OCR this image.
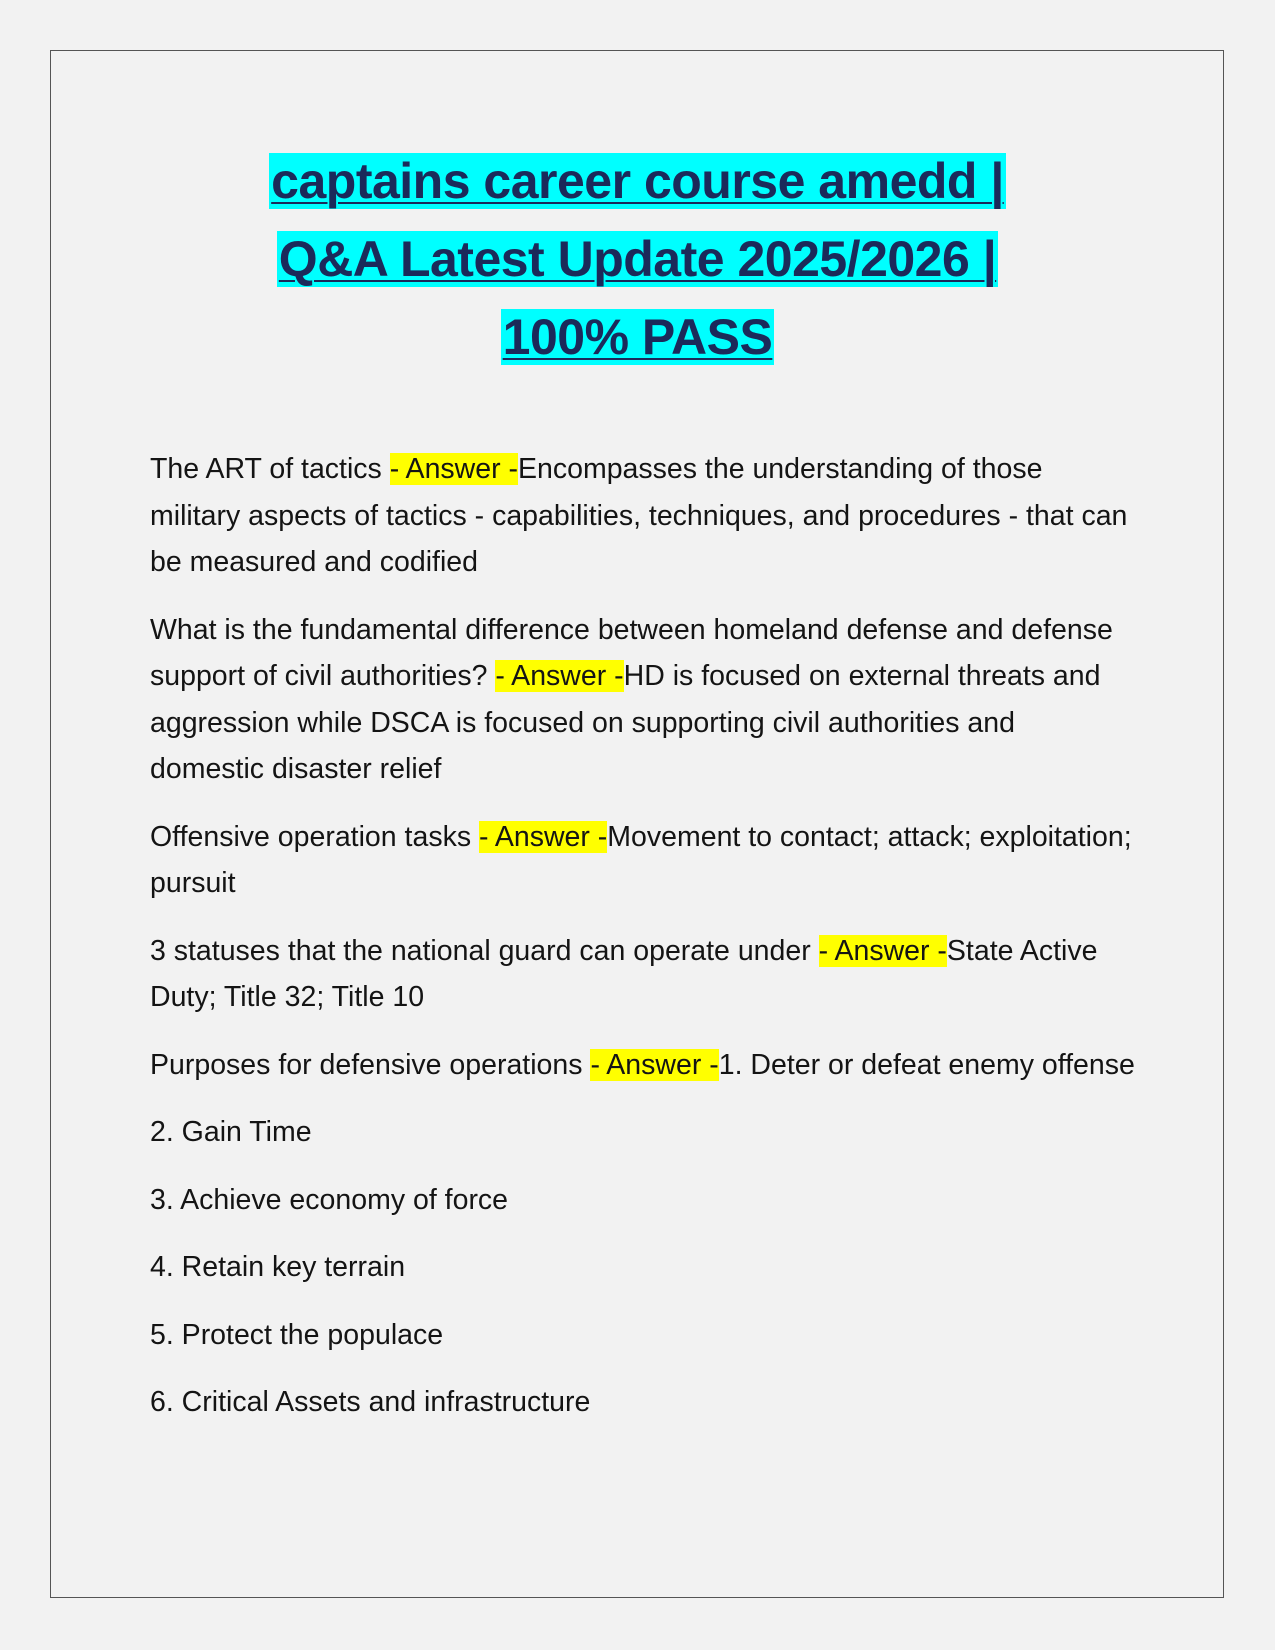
captains career course amedd |
Q&A Latest Update 2025/2026 |
100% PASS

The ART of tactics - Answer -Encompasses the understanding of those military aspects of tactics - capabilities, techniques, and procedures - that can be measured and codified

What is the fundamental difference between homeland defense and defense support of civil authorities? - Answer -HD is focused on external threats and aggression while DSCA is focused on supporting civil authorities and domestic disaster relief

Offensive operation tasks - Answer -Movement to contact; attack; exploitation; pursuit

3 statuses that the national guard can operate under - Answer -State Active Duty; Title 32; Title 10

Purposes for defensive operations - Answer -1. Deter or defeat enemy offense

2. Gain Time

3. Achieve economy of force

4. Retain key terrain

5. Protect the populace

6. Critical Assets and infrastructure
